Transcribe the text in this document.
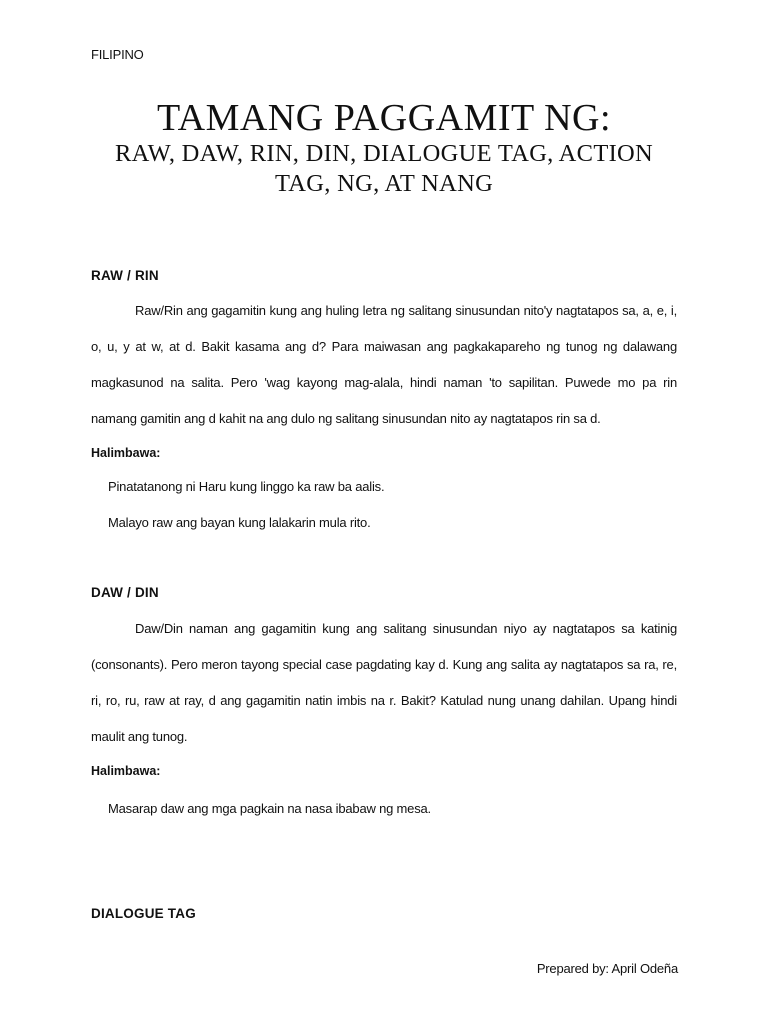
FILIPINO
TAMANG PAGGAMIT NG:
RAW, DAW, RIN, DIN, DIALOGUE TAG, ACTION TAG, NG, AT NANG
RAW / RIN

Raw/Rin ang gagamitin kung ang huling letra ng salitang sinusundan nito'y nagtatapos sa, a, e, i, o, u, y at w, at d. Bakit kasama ang d? Para maiwasan ang pagkakapareho ng tunog ng dalawang magkasunod na salita. Pero 'wag kayong mag-alala, hindi naman 'to sapilitan. Puwede mo pa rin namang gamitin ang d kahit na ang dulo ng salitang sinusundan nito ay nagtatapos rin sa d.

Halimbawa:
Pinatatanong ni Haru kung linggo ka raw ba aalis.
Malayo raw ang bayan kung lalakarin mula rito.
DAW / DIN

Daw/Din naman ang gagamitin kung ang salitang sinusundan niyo ay nagtatapos sa katinig (consonants). Pero meron tayong special case pagdating kay d. Kung ang salita ay nagtatapos sa ra, re, ri, ro, ru, raw at ray, d ang gagamitin natin imbis na r. Bakit? Katulad nung unang dahilan. Upang hindi maulit ang tunog.

Halimbawa:
Masarap daw ang mga pagkain na nasa ibabaw ng mesa.
DIALOGUE TAG
Prepared by: April Odeña
